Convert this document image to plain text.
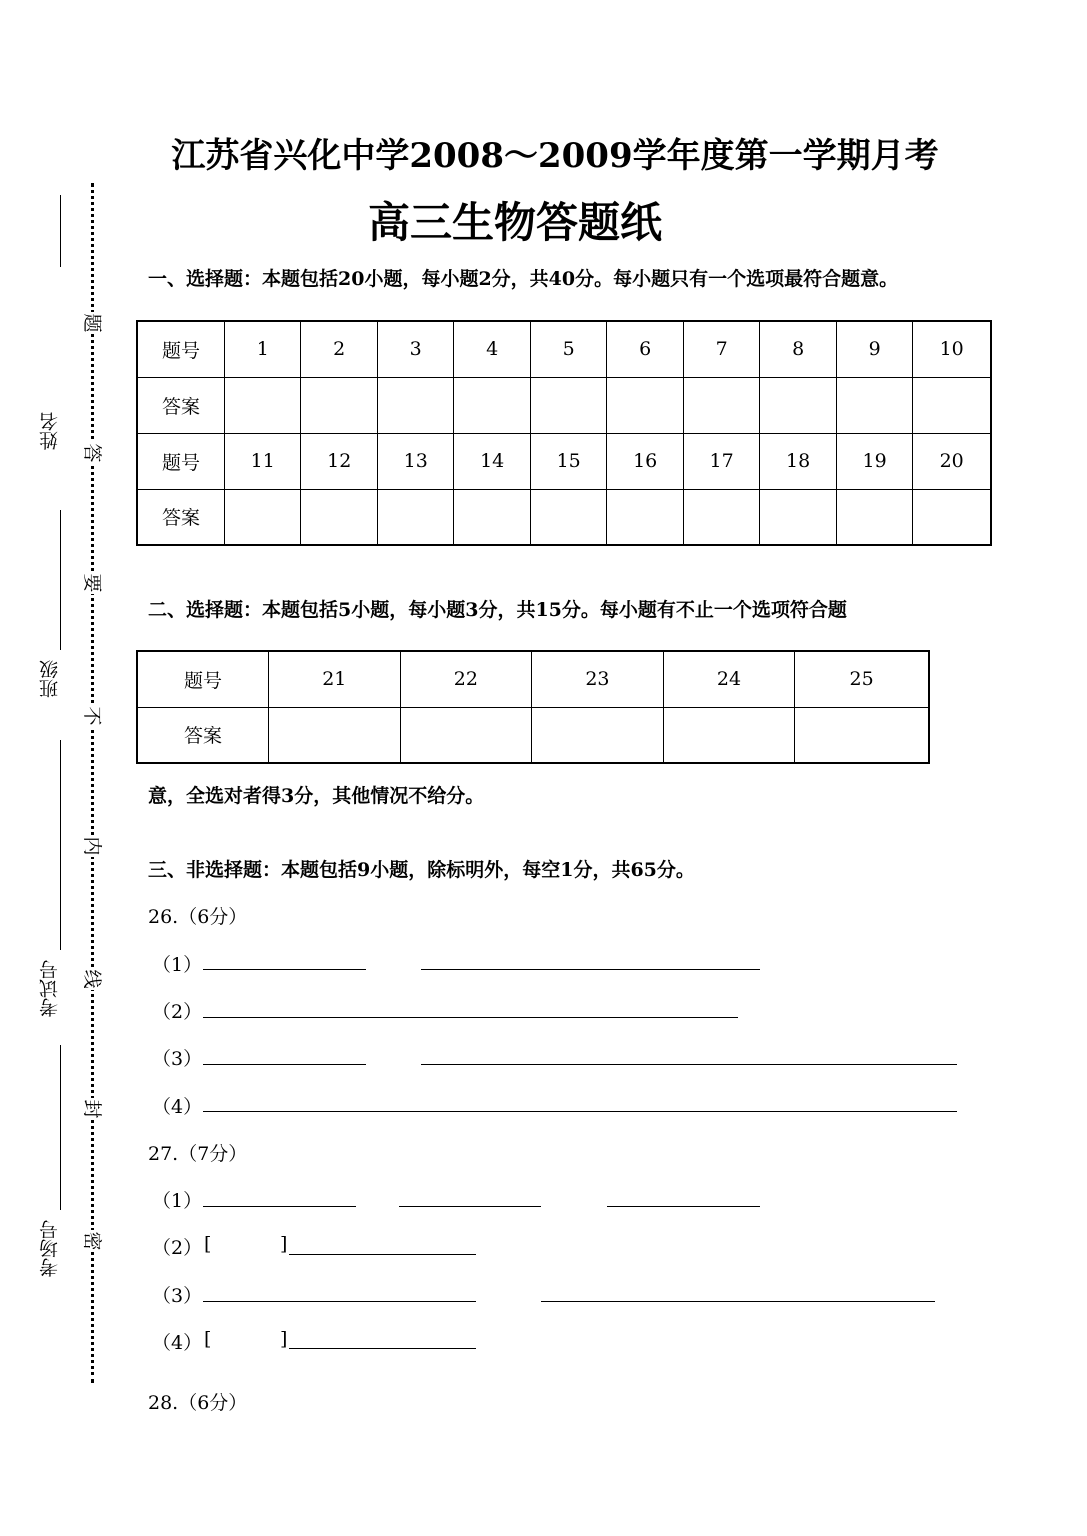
姓名
班级
考试号
考场号
题
答
要
不
内
线
封
密
江苏省兴化中学2008～2009学年度第一学期月考
高三生物答题纸
一、选择题：本题包括20小题，每小题2分，共40分。每小题只有一个选项最符合题意。
题号	1	2	3	4	5	6	7	8	9	10
答案										
题号	11	12	13	14	15	16	17	18	19	20
答案										
二、选择题：本题包括5小题，每小题3分，共15分。每小题有不止一个选项符合题
题号	21	22	23	24	25
答案					
意，全选对者得3分，其他情况不给分。
三、非选择题：本题包括9小题，除标明外，每空1分，共65分。
26.（6分）
（1）
（2）
（3）
（4）
27.（7分）
（1）
（2） [	]
（3）
（4） [	]
28.（6分）
